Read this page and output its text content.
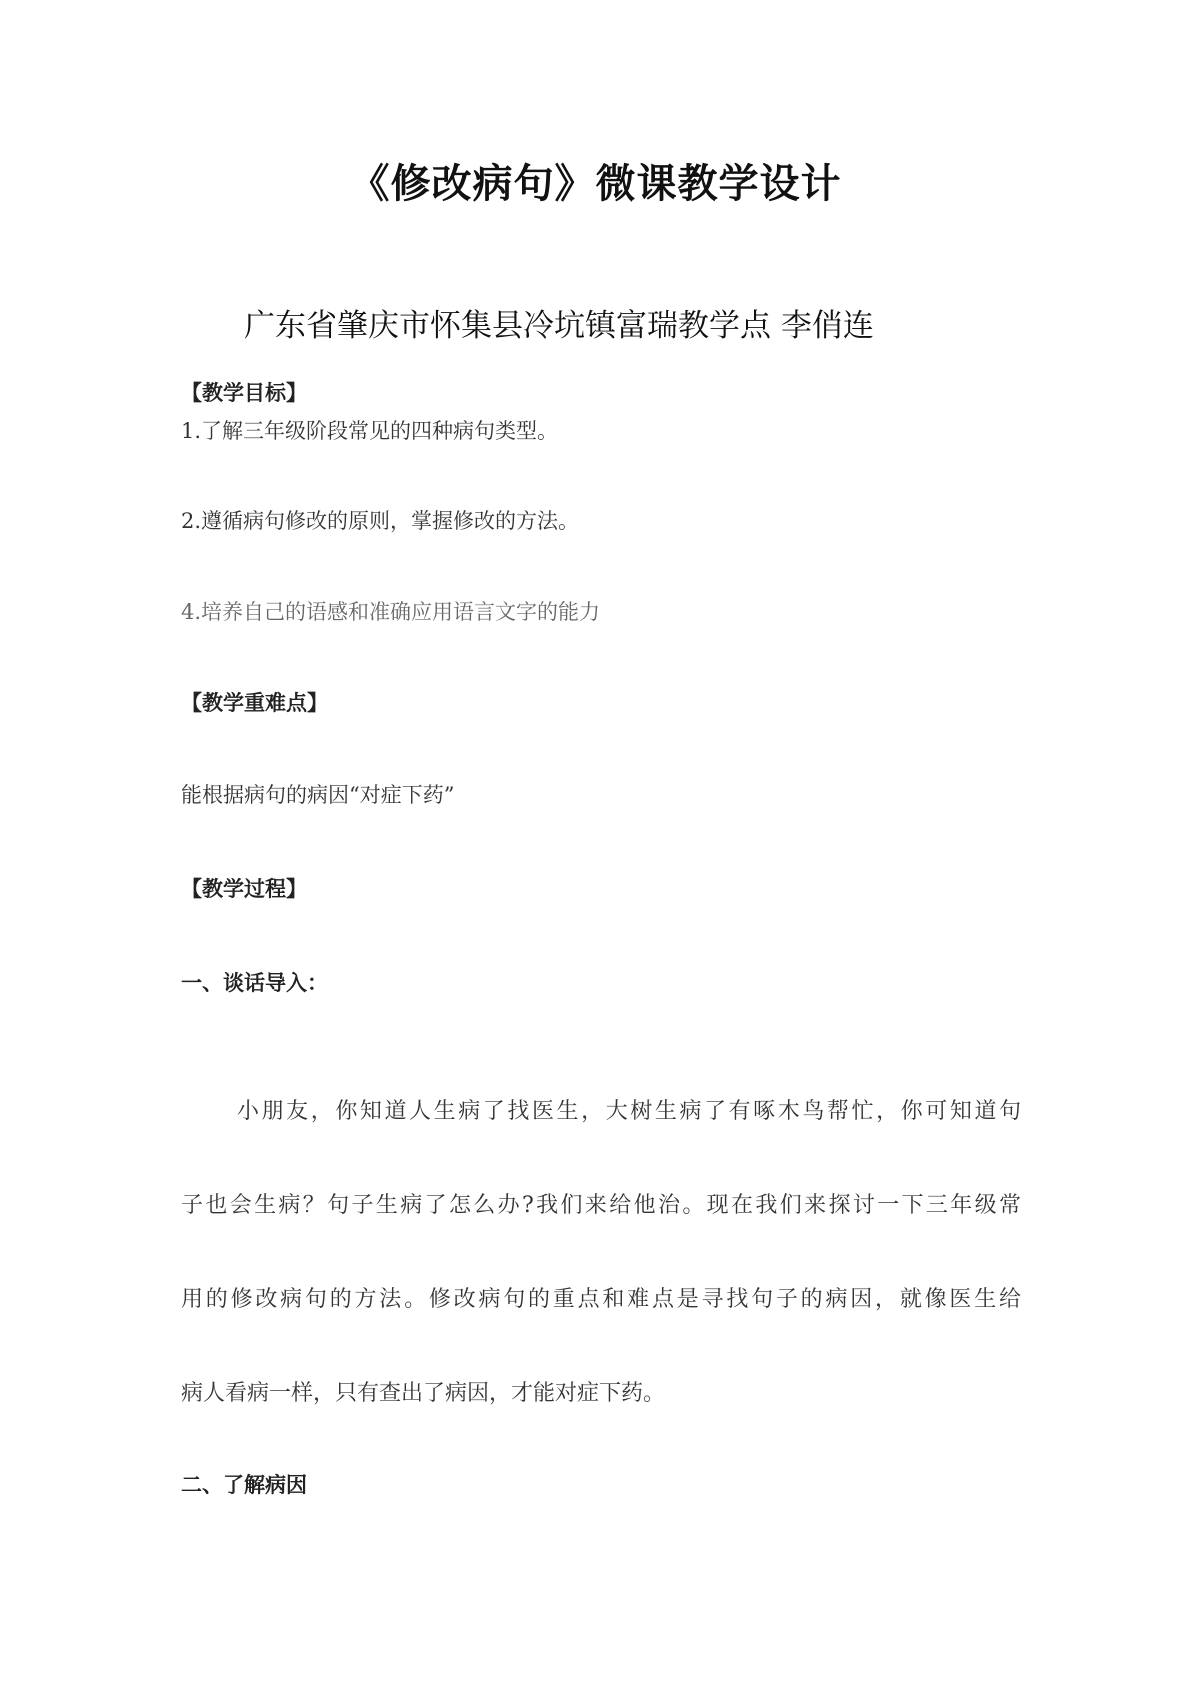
《修改病句》微课教学设计
广东省肇庆市怀集县冷坑镇富瑞教学点 李俏连
【教学目标】
1.了解三年级阶段常见的四种病句类型。
2.遵循病句修改的原则，掌握修改的方法。
4.培养自己的语感和准确应用语言文字的能力
【教学重难点】
能根据病句的病因“对症下药”
【教学过程】
一、谈话导入：
小朋友，你知道人生病了找医生，大树生病了有啄木鸟帮忙，你可知道句
子也会生病？句子生病了怎么办?我们来给他治。现在我们来探讨一下三年级常
用的修改病句的方法。修改病句的重点和难点是寻找句子的病因，就像医生给
病人看病一样，只有查出了病因，才能对症下药。
二、了解病因
